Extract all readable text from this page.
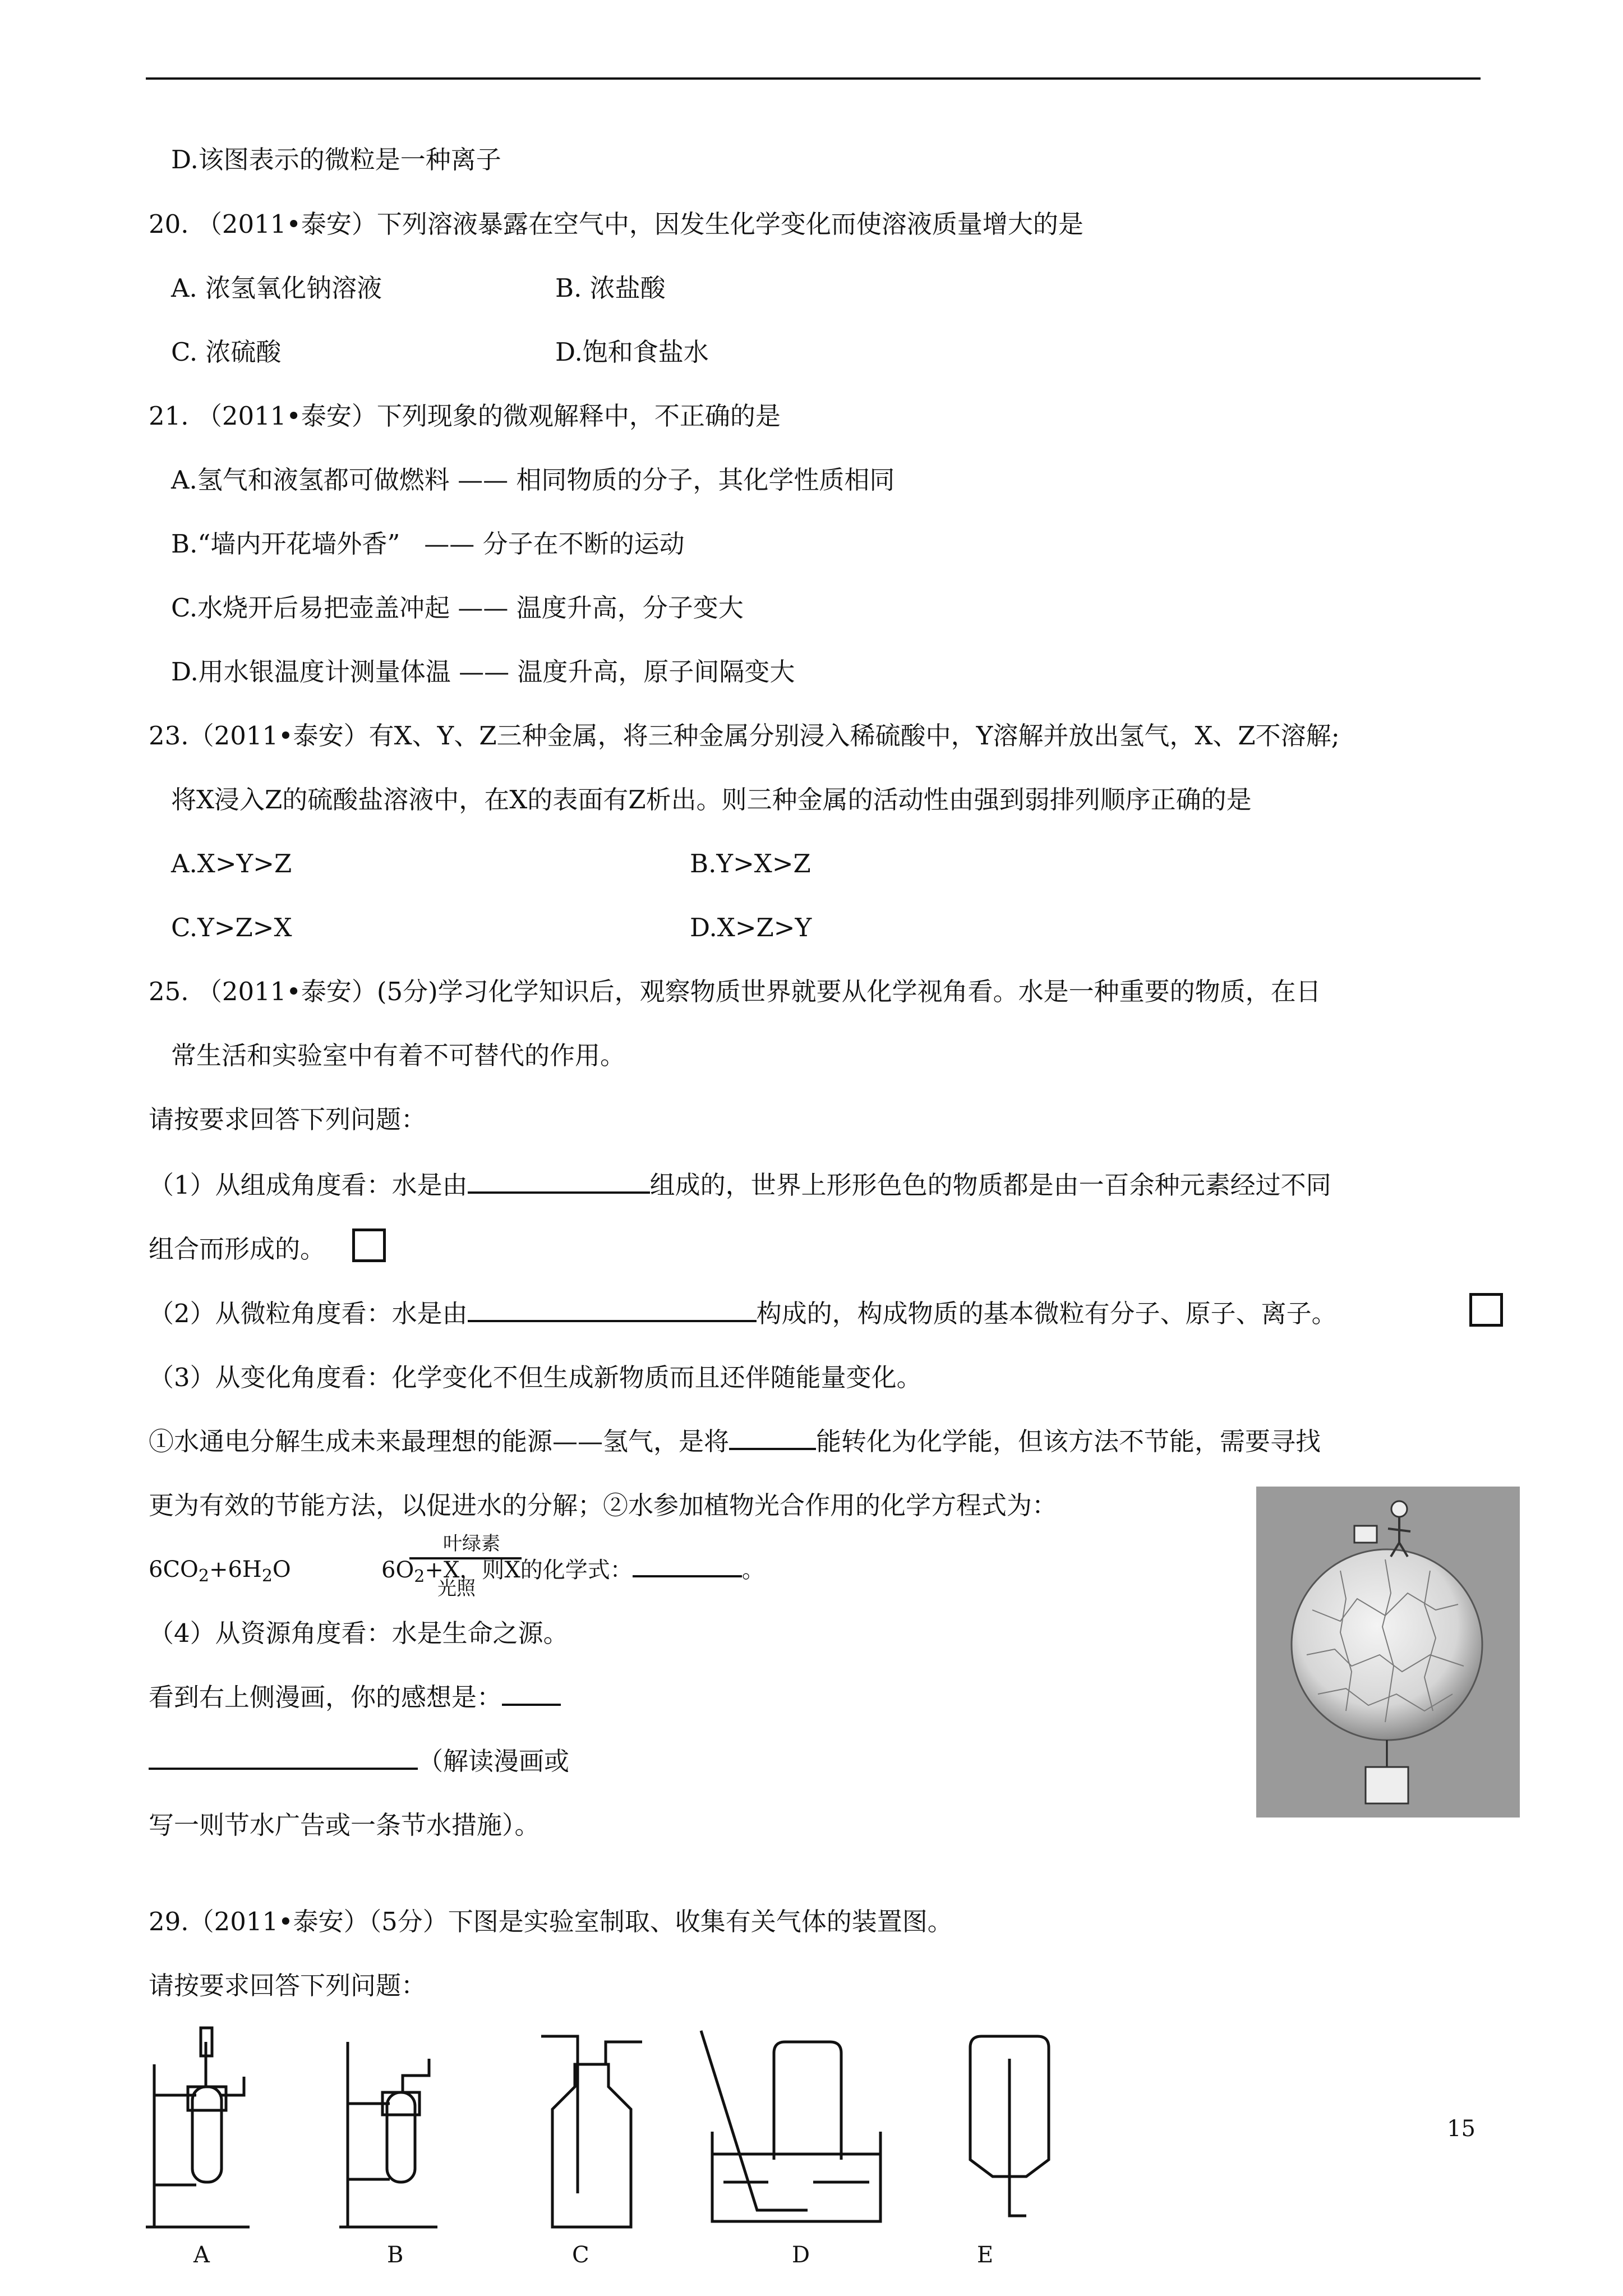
D.该图表示的微粒是一种离子
20. （2011•泰安）下列溶液暴露在空气中，因发生化学变化而使溶液质量增大的是
A. 浓氢氧化钠溶液	B. 浓盐酸
C. 浓硫酸	D.饱和食盐水
21. （2011•泰安）下列现象的微观解释中，不正确的是
A.氢气和液氢都可做燃料 —— 相同物质的分子，其化学性质相同
B.“墙内开花墙外香”   —— 分子在不断的运动
C.水烧开后易把壶盖冲起 —— 温度升高，分子变大
D.用水银温度计测量体温 —— 温度升高，原子间隔变大
23.（2011•泰安）有X、Y、Z三种金属，将三种金属分别浸入稀硫酸中，Y溶解并放出氢气，X、Z不溶解;
将X浸入Z的硫酸盐溶液中，在X的表面有Z析出。则三种金属的活动性由强到弱排列顺序正确的是
A.X>Y>Z	B.Y>X>Z
C.Y>Z>X	D.X>Z>Y
25. （2011•泰安）(5分)学习化学知识后，观察物质世界就要从化学视角看。水是一种重要的物质，在日
常生活和实验室中有着不可替代的作用。
请按要求回答下列问题：
（1）从组成角度看：水是由	组成的，世界上形形色色的物质都是由一百余种元素经过不同
组合而形成的。
（2）从微粒角度看：水是由	构成的，构成物质的基本微粒有分子、原子、离子。
（3）从变化角度看：化学变化不但生成新物质而且还伴随能量变化。
①水通电分解生成未来最理想的能源——氢气，是将	能转化为化学能，但该方法不节能，需要寻找
更为有效的节能方法，以促进水的分解；②水参加植物光合作用的化学方程式为：
$6CO_2+6H_2O$
叶绿素
光照
$6O_2+X$，则X的化学式：	。
（4）从资源角度看：水是生命之源。
看到右上侧漫画，你的感想是：
（解读漫画或
写一则节水广告或一条节水措施）。
29.（2011•泰安）（5分）下图是实验室制取、收集有关气体的装置图。
请按要求回答下列问题：
A	B	C	D	E
15
